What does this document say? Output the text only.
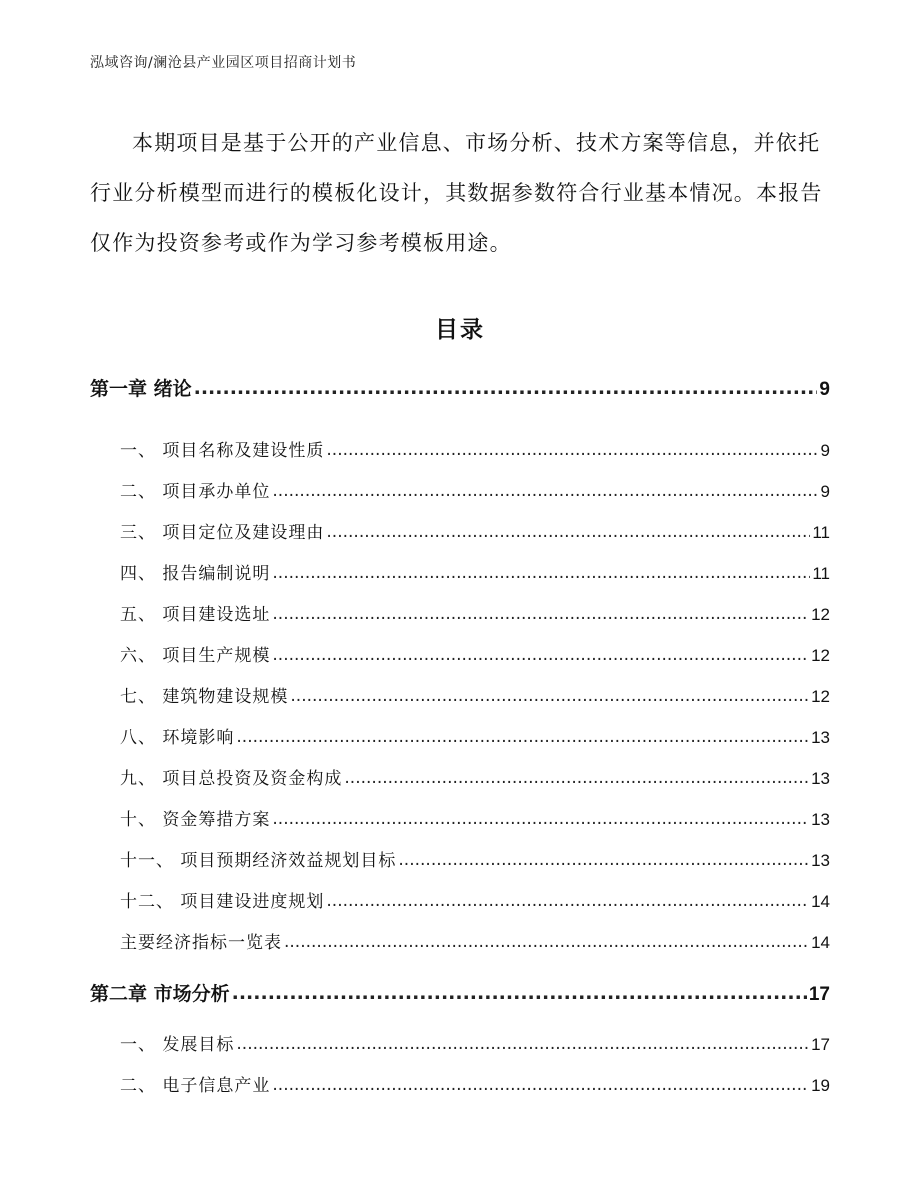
泓域咨询/澜沧县产业园区项目招商计划书

本期项目是基于公开的产业信息、市场分析、技术方案等信息，并依托行业分析模型而进行的模板化设计，其数据参数符合行业基本情况。本报告仅作为投资参考或作为学习参考模板用途。

目录
第一章 绪论 .....	9
一、 项目名称及建设性质 .....	9
二、 项目承办单位 .....	9
三、 项目定位及建设理由 .....	11
四、 报告编制说明 .....	11
五、 项目建设选址 .....	12
六、 项目生产规模 .....	12
七、 建筑物建设规模 .....	12
八、 环境影响 .....	13
九、 项目总投资及资金构成 .....	13
十、 资金筹措方案 .....	13
十一、 项目预期经济效益规划目标 .....	13
十二、 项目建设进度规划 .....	14
主要经济指标一览表 .....	14
第二章 市场分析 .....	17
一、 发展目标 .....	17
二、 电子信息产业 .....	19
